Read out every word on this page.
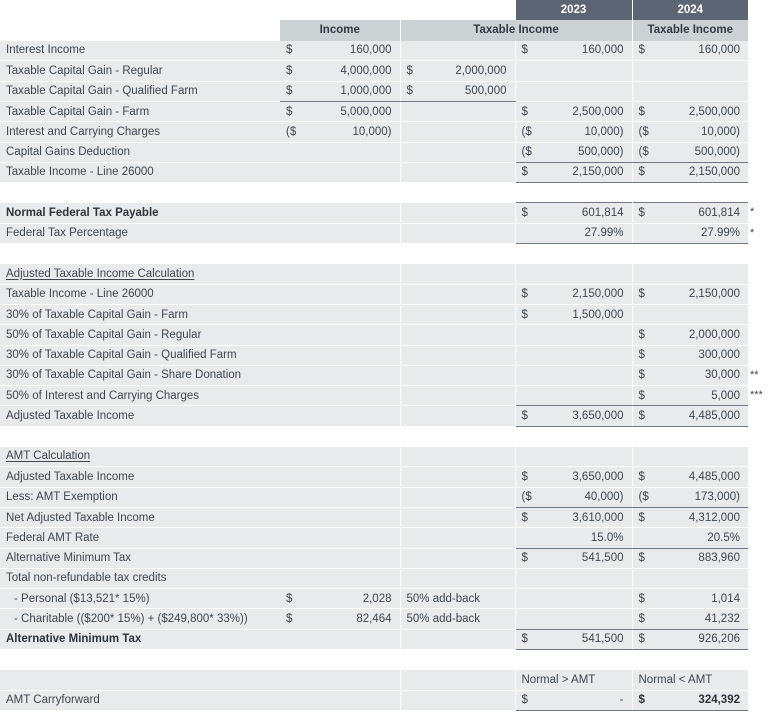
			2023	2024	
	Income	Taxable Income		Taxable Income	
Interest Income	$ 160,000		$ 160,000	$ 160,000	
Taxable Capital Gain - Regular	$ 4,000,000	$ 2,000,000			
Taxable Capital Gain - Qualified Farm	$ 1,000,000	$ 500,000			
Taxable Capital Gain - Farm	$ 5,000,000		$ 2,500,000	$ 2,500,000	
Interest and Carrying Charges	($ 10,000)		($ 10,000)	($ 10,000)	
Capital Gains Deduction			($ 500,000)	($ 500,000)	
Taxable Income - Line 26000			$ 2,150,000	$ 2,150,000	

Normal Federal Tax Payable			$ 601,814	$ 601,814	*
Federal Tax Percentage			27.99%	27.99%	*

Adjusted Taxable Income Calculation					
Taxable Income - Line 26000			$ 2,150,000	$ 2,150,000	
30% of Taxable Capital Gain - Farm			$ 1,500,000		
50% of Taxable Capital Gain - Regular				$ 2,000,000	
30% of Taxable Capital Gain - Qualified Farm				$ 300,000	
30% of Taxable Capital Gain - Share Donation				$ 30,000	**
50% of Interest and Carrying Charges				$ 5,000	***
Adjusted Taxable Income			$ 3,650,000	$ 4,485,000	

AMT Calculation					
Adjusted Taxable Income			$ 3,650,000	$ 4,485,000	
Less: AMT Exemption			($ 40,000)	($ 173,000)	
Net Adjusted Taxable Income			$ 3,610,000	$ 4,312,000	
Federal AMT Rate			15.0%	20.5%	
Alternative Minimum Tax			$ 541,500	$ 883,960	
Total non-refundable tax credits					
- Personal ($13,521* 15%)	$ 2,028	50% add-back		$ 1,014	
- Charitable (($200* 15%) + ($249,800* 33%))	$ 82,464	50% add-back		$ 41,232	
Alternative Minimum Tax			$ 541,500	$ 926,206	

			Normal > AMT	Normal < AMT	
AMT Carryforward			$ -	$ 324,392	
